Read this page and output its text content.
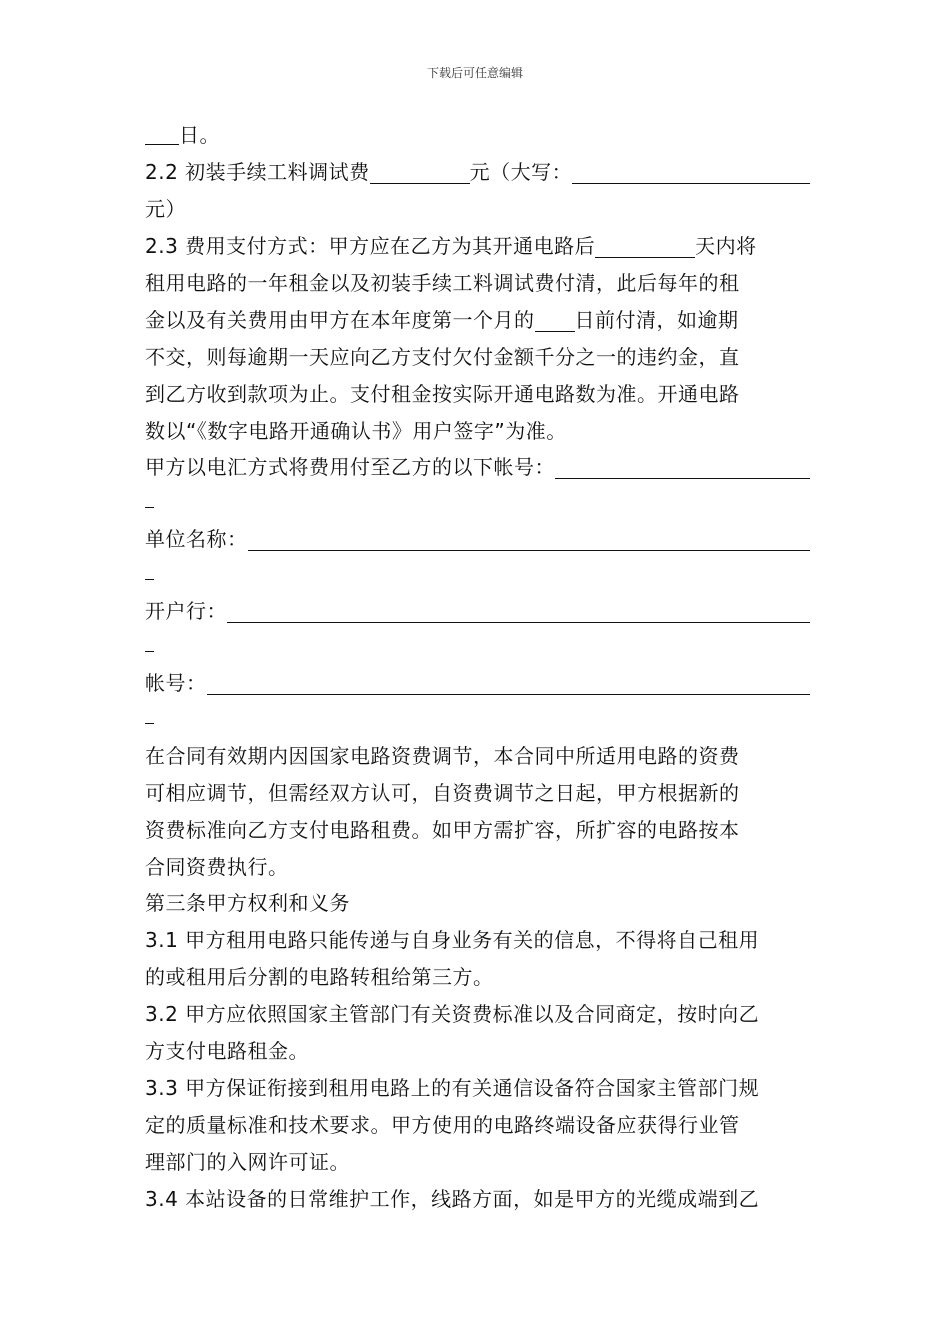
下载后可任意编辑
日。
2.2 初装手续工料调试费	元（大写：
元）
2.3 费用支付方式：甲方应在乙方为其开通电路后	天内将
租用电路的一年租金以及初装手续工料调试费付清，此后每年的租
金以及有关费用由甲方在本年度第一个月的 日前付清，如逾期
不交，则每逾期一天应向乙方支付欠付金额千分之一的违约金，直
到乙方收到款项为止。支付租金按实际开通电路数为准。开通电路
数以“《数字电路开通确认书》用户签字”为准。
甲方以电汇方式将费用付至乙方的以下帐号：
单位名称：
开户行：
帐号：
在合同有效期内因国家电路资费调节，本合同中所适用电路的资费
可相应调节，但需经双方认可，自资费调节之日起，甲方根据新的
资费标准向乙方支付电路租费。如甲方需扩容，所扩容的电路按本
合同资费执行。
第三条甲方权利和义务
3.1 甲方租用电路只能传递与自身业务有关的信息，不得将自己租用
的或租用后分割的电路转租给第三方。
3.2 甲方应依照国家主管部门有关资费标准以及合同商定，按时向乙
方支付电路租金。
3.3 甲方保证衔接到租用电路上的有关通信设备符合国家主管部门规
定的质量标准和技术要求。甲方使用的电路终端设备应获得行业管
理部门的入网许可证。
3.4 本站设备的日常维护工作，线路方面，如是甲方的光缆成端到乙
